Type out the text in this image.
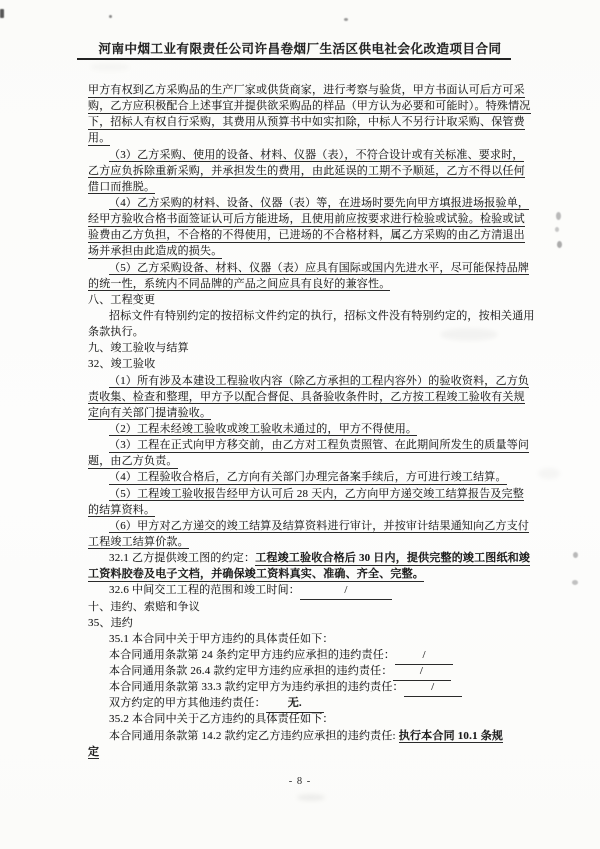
河南中烟工业有限责任公司许昌卷烟厂生活区供电社会化改造项目合同
甲方有权到乙方采购品的生产厂家或供货商家，进行考察与验货，甲方书面认可后方可采
购，乙方应积极配合上述事宜并提供欲采购品的样品（甲方认为必要和可能时）。特殊情况
下，招标人有权自行采购，其费用从预算书中如实扣除，中标人不另行计取采购、保管费
用。
（3）乙方采购、使用的设备、材料、仪器（表），不符合设计或有关标准、要求时，
乙方应负拆除重新采购，并承担发生的费用，由此延误的工期不予顺延，乙方不得以任何
借口而推脱。
（4）乙方采购的材料、设备、仪器（表）等，在进场时要先向甲方填报进场报验单，
经甲方验收合格书面签证认可后方能进场，且使用前应按要求进行检验或试验。检验或试
验费由乙方负担，不合格的不得使用，已进场的不合格材料，属乙方采购的由乙方清退出
场并承担由此造成的损失。
（5）乙方采购设备、材料、仪器（表）应具有国际或国内先进水平，尽可能保持品牌
的统一性，系统内不同品牌的产品之间应具有良好的兼容性。
八、工程变更
招标文件有特别约定的按招标文件约定的执行，招标文件没有特别约定的，按相关通用
条款执行。
九、竣工验收与结算
32、竣工验收
（1）所有涉及本建设工程验收内容（除乙方承担的工程内容外）的验收资料，乙方负
责收集、检查和整理，甲方予以配合督促、具备验收条件时，乙方按工程竣工验收有关规
定向有关部门提请验收。
（2）工程未经竣工验收或竣工验收未通过的，甲方不得使用。
（3）工程在正式向甲方移交前，由乙方对工程负责照管、在此期间所发生的质量等问
题，由乙方负责。
（4）工程验收合格后，乙方向有关部门办理完备案手续后，方可进行竣工结算。
（5）工程竣工验收报告经甲方认可后 28 天内，乙方向甲方递交竣工结算报告及完整
的结算资料。
（6）甲方对乙方递交的竣工结算及结算资料进行审计，并按审计结果通知向乙方支付
工程竣工结算价款。
32.1 乙方提供竣工图的约定：工程竣工验收合格后 30 日内，提供完整的竣工图纸和竣
工资料胶卷及电子文档，并确保竣工资料真实、准确、齐全、完整。
32.6 中间交工工程的范围和竣工时间：	/
十、违约、索赔和争议
35、违约
35.1 本合同中关于甲方违约的具体责任如下：
本合同通用条款第 24 条约定甲方违约应承担的违约责任： /
本合同通用条款 26.4 款约定甲方违约应承担的违约责任： /
本合同通用条款第 33.3 款约定甲方为违约承担的违约责任： /
双方约定的甲方其他违约责任： 无.
35.2 本合同中关于乙方违约的具体责任如下：
本合同通用条款第 14.2 款约定乙方违约应承担的违约责任: 执行本合同 10.1 条规
定
- 8 -
